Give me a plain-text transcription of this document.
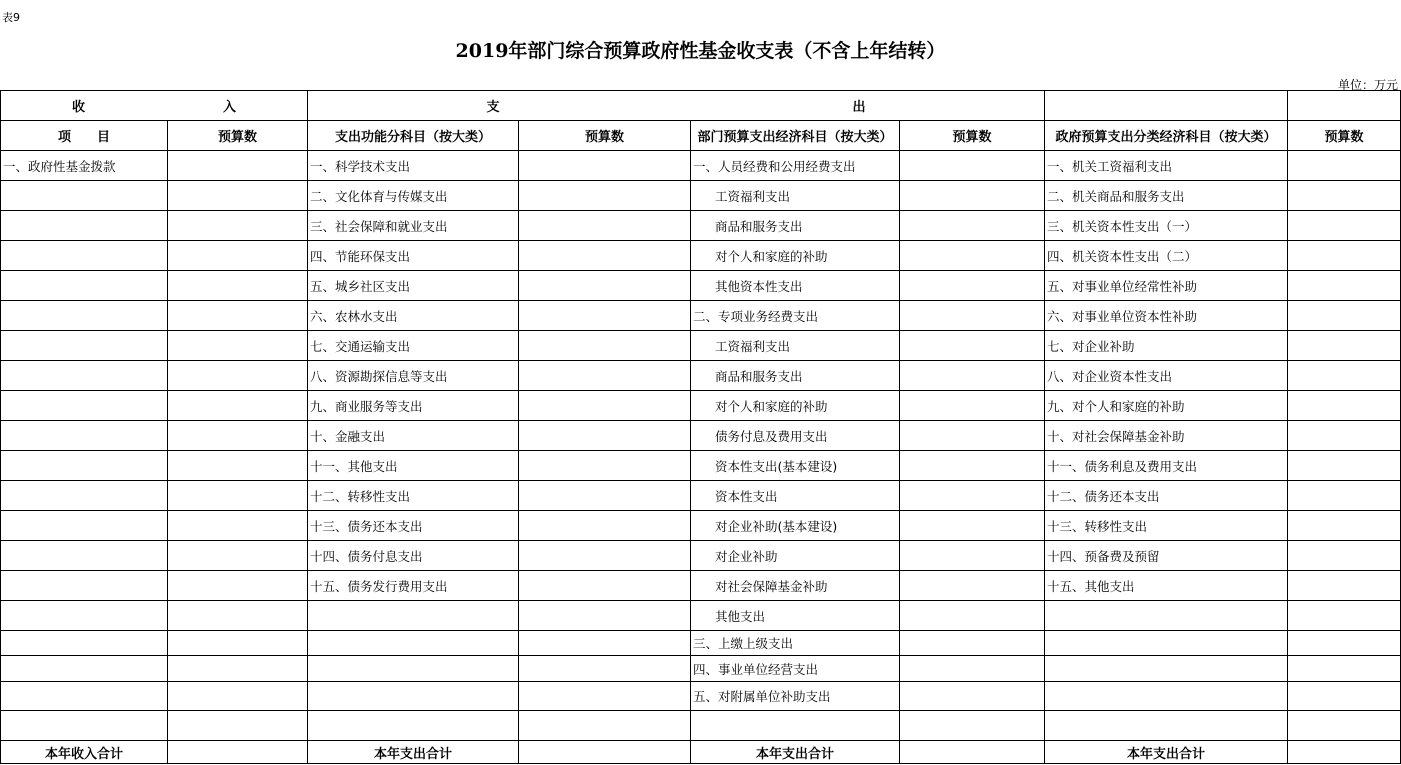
表9
2019年部门综合预算政府性基金收支表（不含上年结转）
单位：万元
收 入		支 出					

项　　目	预算数	支出功能分科目（按大类）	预算数	部门预算支出经济科目（按大类）	预算数	政府预算支出分类经济科目（按大类）	预算数
一、政府性基金拨款		一、科学技术支出		一、人员经费和公用经费支出		一、机关工资福利支出	
		二、文化体育与传媒支出		工资福利支出		二、机关商品和服务支出	
		三、社会保障和就业支出		商品和服务支出		三、机关资本性支出（一）	
		四、节能环保支出		对个人和家庭的补助		四、机关资本性支出（二）	
		五、城乡社区支出		其他资本性支出		五、对事业单位经常性补助	
		六、农林水支出		二、专项业务经费支出		六、对事业单位资本性补助	
		七、交通运输支出		工资福利支出		七、对企业补助	
		八、资源勘探信息等支出		商品和服务支出		八、对企业资本性支出	
		九、商业服务等支出		对个人和家庭的补助		九、对个人和家庭的补助	
		十、金融支出		债务付息及费用支出		十、对社会保障基金补助	
		十一、其他支出		资本性支出(基本建设)		十一、债务利息及费用支出	
		十二、转移性支出		资本性支出		十二、债务还本支出	
		十三、债务还本支出		对企业补助(基本建设)		十三、转移性支出	
		十四、债务付息支出		对企业补助		十四、预备费及预留	
		十五、债务发行费用支出		对社会保障基金补助		十五、其他支出	
				其他支出			
				三、上缴上级支出			
				四、事业单位经营支出			
				五、对附属单位补助支出			

本年收入合计		本年支出合计		本年支出合计		本年支出合计	
